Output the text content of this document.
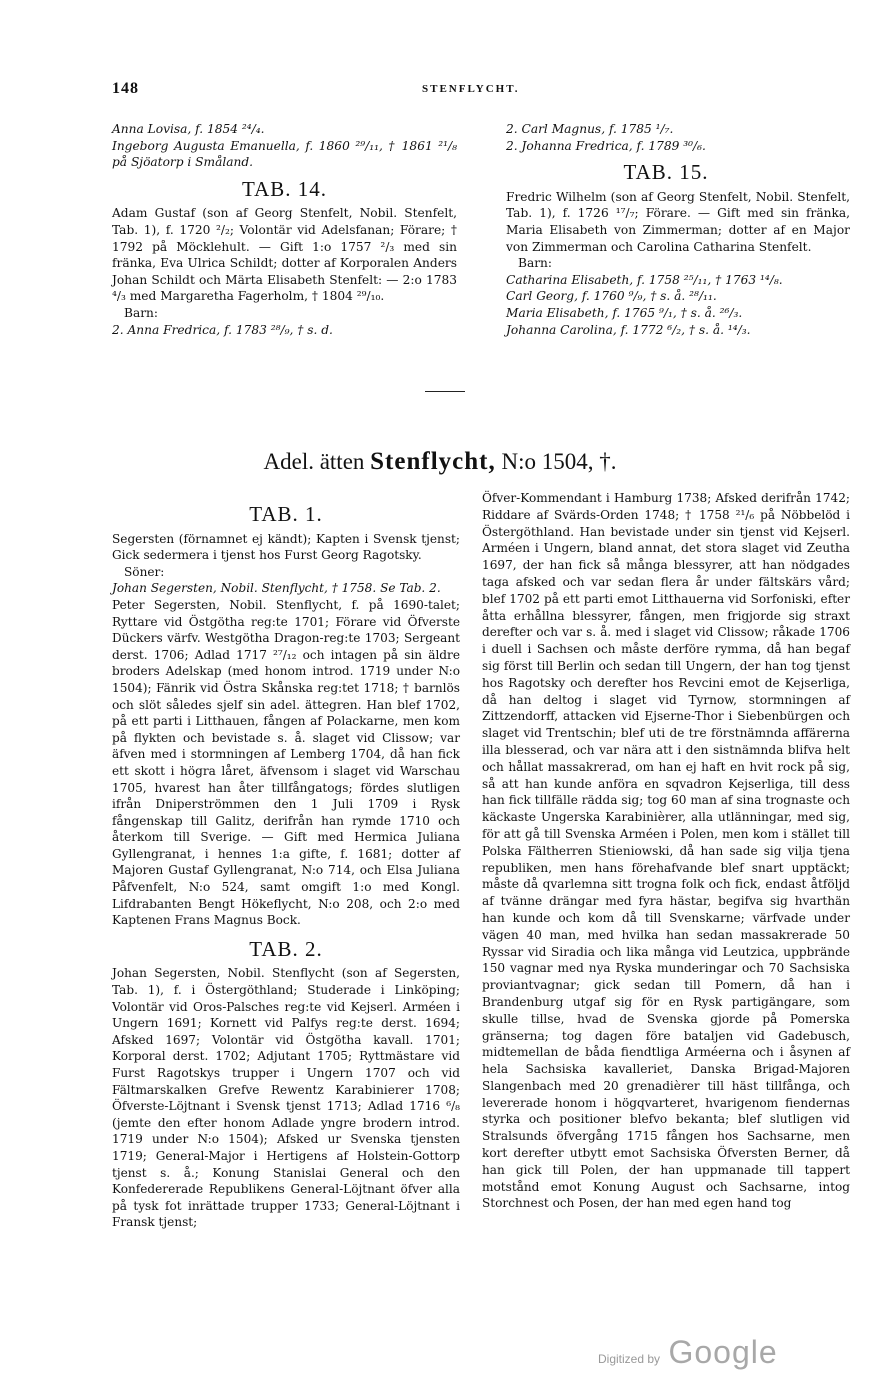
148	STENFLYCHT.

Anna Lovisa, f. 1854 ²⁴/₄.

Ingeborg Augusta Emanuella, f. 1860 ²⁹/₁₁, † 1861 ²¹/₈ på Sjöatorp i Småland.

TAB. 14.

Adam Gustaf (son af Georg Stenfelt, Nobil. Stenfelt, Tab. 1), f. 1720 ²/₂; Volontär vid Adelsfanan; Förare; † 1792 på Möcklehult. — Gift 1:o 1757 ²/₃ med sin fränka, Eva Ulrica Schildt; dotter af Korporalen Anders Johan Schildt och Märta Elisabeth Stenfelt: — 2:o 1783 ⁴/₃ med Margaretha Fagerholm, † 1804 ²⁹/₁₀.

Barn:

2. Anna Fredrica, f. 1783 ²⁸/₉, † s. d.

2. Carl Magnus, f. 1785 ¹/₇.

2. Johanna Fredrica, f. 1789 ³⁰/₆.

TAB. 15.

Fredric Wilhelm (son af Georg Stenfelt, Nobil. Stenfelt, Tab. 1), f. 1726 ¹⁷/₇; Förare. — Gift med sin fränka, Maria Elisabeth von Zimmerman; dotter af en Major von Zimmerman och Carolina Catharina Stenfelt.

Barn:

Catharina Elisabeth, f. 1758 ²⁵/₁₁, † 1763 ¹⁴/₈.

Carl Georg, f. 1760 ⁹/₉, † s. å. ²⁸/₁₁.

Maria Elisabeth, f. 1765 ⁹/₁, † s. å. ²⁶/₃.

Johanna Carolina, f. 1772 ⁶/₂, † s. å. ¹⁴/₃.

Adel. ätten Stenflycht, N:o 1504, †.
TAB. 1.

Segersten (förnamnet ej kändt); Kapten i Svensk tjenst; Gick sedermera i tjenst hos Furst Georg Ragotsky.

Söner:

Johan Segersten, Nobil. Stenflycht, † 1758. Se Tab. 2.

Peter Segersten, Nobil. Stenflycht, f. på 1690-talet; Ryttare vid Östgötha reg:te 1701; Förare vid Öfverste Dückers värfv. Westgötha Dragon-reg:te 1703; Sergeant derst. 1706; Adlad 1717 ²⁷/₁₂ och intagen på sin äldre broders Adelskap (med honom introd. 1719 under N:o 1504); Fänrik vid Östra Skånska reg:tet 1718; † barnlös och slöt således sjelf sin adel. ättegren. Han blef 1702, på ett parti i Litthauen, fången af Polackarne, men kom på flykten och bevistade s. å. slaget vid Clissow; var äfven med i stormningen af Lemberg 1704, då han fick ett skott i högra låret, äfvensom i slaget vid Warschau 1705, hvarest han åter tillfångatogs; fördes slutligen ifrån Dniperströmmen den 1 Juli 1709 i Rysk fångenskap till Galitz, derifrån han rymde 1710 och återkom till Sverige. — Gift med Hermica Juliana Gyllengranat, i hennes 1:a gifte, f. 1681; dotter af Majoren Gustaf Gyllengranat, N:o 714, och Elsa Juliana Påfvenfelt, N:o 524, samt omgift 1:o med Kongl. Lifdrabanten Bengt Hökeflycht, N:o 208, och 2:o med Kaptenen Frans Magnus Bock.

TAB. 2.

Johan Segersten, Nobil. Stenflycht (son af Segersten, Tab. 1), f. i Östergöthland; Studerade i Linköping; Volontär vid Oros-Palsches reg:te vid Kejserl. Arméen i Ungern 1691; Kornett vid Palfys reg:te derst. 1694; Afsked 1697; Volontär vid Östgötha kavall. 1701; Korporal derst. 1702; Adjutant 1705; Ryttmästare vid Furst Ragotskys trupper i Ungern 1707 och vid Fältmarskalken Grefve Rewentz Karabinierer 1708; Öfverste-Löjtnant i Svensk tjenst 1713; Adlad 1716 ⁶/₈ (jemte den efter honom Adlade yngre brodern introd. 1719 under N:o 1504); Afsked ur Svenska tjensten 1719; General-Major i Hertigens af Holstein-Gottorp tjenst s. å.; Konung Stanislai General och den Konfedererade Republikens General-Löjtnant öfver alla på tysk fot inrättade trupper 1733; General-Löjtnant i Fransk tjenst;

Öfver-Kommendant i Hamburg 1738; Afsked derifrån 1742; Riddare af Svärds-Orden 1748; † 1758 ²¹/₆ på Nöbbelöd i Östergöthland. Han bevistade under sin tjenst vid Kejserl. Arméen i Ungern, bland annat, det stora slaget vid Zeutha 1697, der han fick så många blessyrer, att han nödgades taga afsked och var sedan flera år under fältskärs vård; blef 1702 på ett parti emot Litthauerna vid Sorfoniski, efter åtta erhållna blessyrer, fången, men frigjorde sig straxt derefter och var s. å. med i slaget vid Clissow; råkade 1706 i duell i Sachsen och måste derföre rymma, då han begaf sig först till Berlin och sedan till Ungern, der han tog tjenst hos Ragotsky och derefter hos Revcini emot de Kejserliga, då han deltog i slaget vid Tyrnow, stormningen af Zittzendorff, attacken vid Ejserne-Thor i Siebenbürgen och slaget vid Trentschin; blef uti de tre förstnämnda affärerna illa blesserad, och var nära att i den sistnämnda blifva helt och hållat massakrerad, om han ej haft en hvit rock på sig, så att han kunde anföra en sqvadron Kejserliga, till dess han fick tillfälle rädda sig; tog 60 man af sina trognaste och käckaste Ungerska Karabinièrer, alla utlänningar, med sig, för att gå till Svenska Arméen i Polen, men kom i stället till Polska Fältherren Stieniowski, då han sade sig vilja tjena republiken, men hans förehafvande blef snart upptäckt; måste då qvarlemna sitt trogna folk och fick, endast åtföljd af tvänne drängar med fyra hästar, begifva sig hvarthän han kunde och kom då till Svenskarne; värfvade under vägen 40 man, med hvilka han sedan massakrerade 50 Ryssar vid Siradia och lika många vid Leutzica, uppbrände 150 vagnar med nya Ryska munderingar och 70 Sachsiska proviantvagnar; gick sedan till Pomern, då han i Brandenburg utgaf sig för en Rysk partigängare, som skulle tillse, hvad de Svenska gjorde på Pomerska gränserna; tog dagen före bataljen vid Gadebusch, midtemellan de båda fiendtliga Arméerna och i åsynen af hela Sachsiska kavalleriet, Danska Brigad-Majoren Slangenbach med 20 grenadièrer till häst tillfånga, och levererade honom i högqvarteret, hvarigenom fiendernas styrka och positioner blefvo bekanta; blef slutligen vid Stralsunds öfvergång 1715 fången hos Sachsarne, men kort derefter utbytt emot Sachsiska Öfversten Berner, då han gick till Polen, der han uppmanade till tappert motstånd emot Konung August och Sachsarne, intog Storchnest och Posen, der han med egen hand tog

Digitized by Google
